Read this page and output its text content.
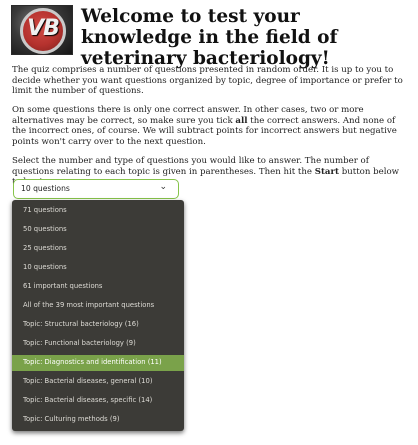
VB	Welcome to test your knowledge in the field of veterinary bacteriology!

The quiz comprises a number of questions presented in random order. It is up to you to decide whether you want questions organized by topic, degree of importance or prefer to limit the number of questions.

On some questions there is only one correct answer. In other cases, two or more alternatives may be correct, so make sure you tick all the correct answers. And none of the incorrect ones, of course. We will subtract points for incorrect answers but negative points won't carry over to the next question.

Select the number and type of questions you would like to answer. The number of questions relating to each topic is given in parentheses. Then hit the Start button below

10 questions	⌄
71 questions
50 questions
25 questions
10 questions
61 important questions
All of the 39 most important questions
Topic: Structural bacteriology (16)
Topic: Functional bacteriology (9)
Topic: Diagnostics and identification (11)
Topic: Bacterial diseases, general (10)
Topic: Bacterial diseases, specific (14)
Topic: Culturing methods (9)
